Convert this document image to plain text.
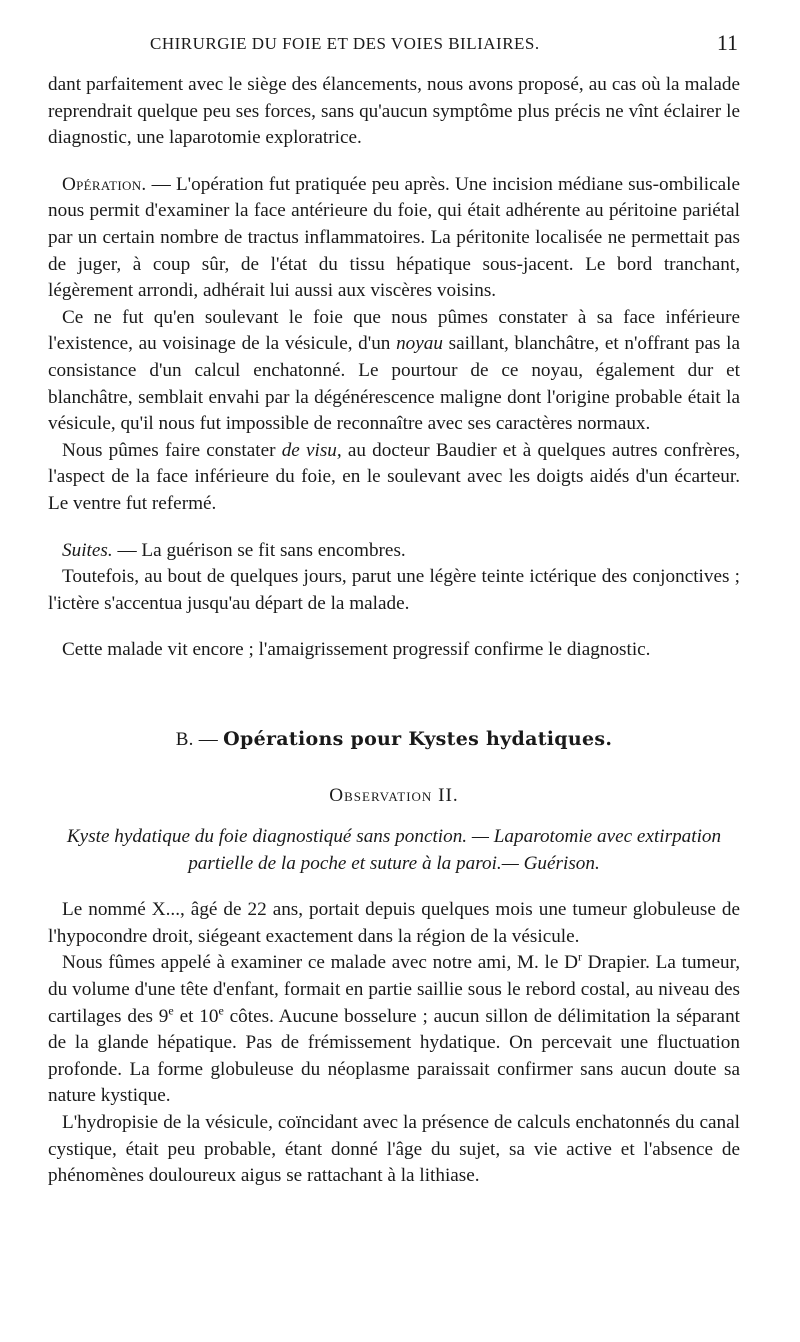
CHIRURGIE DU FOIE ET DES VOIES BILIAIRES.	11

dant parfaitement avec le siège des élancements, nous avons proposé, au cas où la malade reprendrait quelque peu ses forces, sans qu'aucun symptôme plus précis ne vînt éclairer le diagnostic, une laparotomie exploratrice.

Opération. — L'opération fut pratiquée peu après. Une incision médiane sus-ombilicale nous permit d'examiner la face antérieure du foie, qui était adhérente au péritoine pariétal par un certain nombre de tractus inflammatoires. La péritonite localisée ne permettait pas de juger, à coup sûr, de l'état du tissu hépatique sous-jacent. Le bord tranchant, légèrement arrondi, adhérait lui aussi aux viscères voisins.

Ce ne fut qu'en soulevant le foie que nous pûmes constater à sa face inférieure l'existence, au voisinage de la vésicule, d'un noyau saillant, blanchâtre, et n'offrant pas la consistance d'un calcul enchatonné. Le pourtour de ce noyau, également dur et blanchâtre, semblait envahi par la dégénérescence maligne dont l'origine probable était la vésicule, qu'il nous fut impossible de reconnaître avec ses caractères normaux.

Nous pûmes faire constater de visu, au docteur Baudier et à quelques autres confrères, l'aspect de la face inférieure du foie, en le soulevant avec les doigts aidés d'un écarteur. Le ventre fut refermé.

Suites. — La guérison se fit sans encombres.

Toutefois, au bout de quelques jours, parut une légère teinte ictérique des conjonctives ; l'ictère s'accentua jusqu'au départ de la malade.

Cette malade vit encore ; l'amaigrissement progressif confirme le diagnostic.

B. — Opérations pour Kystes hydatiques.

Observation II.

Kyste hydatique du foie diagnostiqué sans ponction. — Laparotomie avec extirpation partielle de la poche et suture à la paroi.— Guérison.

Le nommé X..., âgé de 22 ans, portait depuis quelques mois une tumeur globuleuse de l'hypocondre droit, siégeant exactement dans la région de la vésicule.

Nous fûmes appelé à examiner ce malade avec notre ami, M. le $D^r$ Drapier. La tumeur, du volume d'une tête d'enfant, formait en partie saillie sous le rebord costal, au niveau des cartilages des 9e et 10e côtes. Aucune bosselure ; aucun sillon de délimitation la séparant de la glande hépatique. Pas de frémissement hydatique. On percevait une fluctuation profonde. La forme globuleuse du néoplasme paraissait confirmer sans aucun doute sa nature kystique.

L'hydropisie de la vésicule, coïncidant avec la présence de calculs enchatonnés du canal cystique, était peu probable, étant donné l'âge du sujet, sa vie active et l'absence de phénomènes douloureux aigus se rattachant à la lithiase.
